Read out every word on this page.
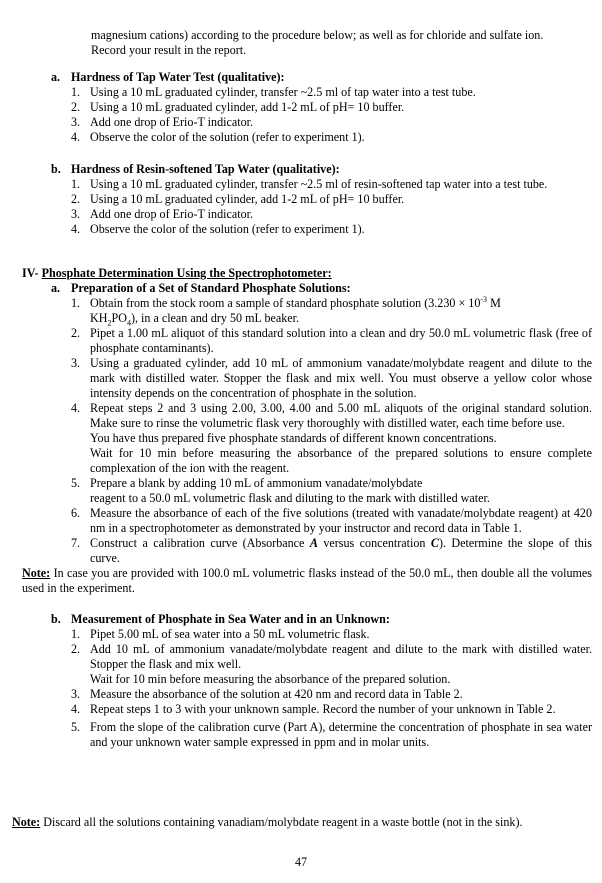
magnesium cations) according to the procedure below; as well as for chloride and sulfate ion.
Record your result in the report.
a. Hardness of Tap Water Test (qualitative):
1. Using a 10 mL graduated cylinder, transfer ~2.5 ml of tap water into a test tube.
2. Using a 10 mL graduated cylinder, add 1-2 mL of pH= 10 buffer.
3. Add one drop of Erio-T indicator.
4. Observe the color of the solution (refer to experiment 1).
b. Hardness of Resin-softened Tap Water (qualitative):
1. Using a 10 mL graduated cylinder, transfer ~2.5 ml of resin-softened tap water into a test tube.
2. Using a 10 mL graduated cylinder, add 1-2 mL of pH= 10 buffer.
3. Add one drop of Erio-T indicator.
4. Observe the color of the solution (refer to experiment 1).
IV- Phosphate Determination Using the Spectrophotometer:
a. Preparation of a Set of Standard Phosphate Solutions:
1. Obtain from the stock room a sample of standard phosphate solution ($3.230 \times 10^{-3}$ M
$KH_2PO_4$), in a clean and dry 50 mL beaker.
2. Pipet a 1.00 mL aliquot of this standard solution into a clean and dry 50.0 mL volumetric flask (free of phosphate contaminants).
3. Using a graduated cylinder, add 10 mL of ammonium vanadate/molybdate reagent and dilute to the mark with distilled water. Stopper the flask and mix well. You must observe a yellow color whose intensity depends on the concentration of phosphate in the solution.
4. Repeat steps 2 and 3 using 2.00, 3.00, 4.00 and 5.00 mL aliquots of the original standard solution. Make sure to rinse the volumetric flask very thoroughly with distilled water, each time before use.
You have thus prepared five phosphate standards of different known concentrations.
Wait for 10 min before measuring the absorbance of the prepared solutions to ensure complete complexation of the ion with the reagent.
5. Prepare a blank by adding 10 mL of ammonium vanadate/molybdate
reagent to a 50.0 mL volumetric flask and diluting to the mark with distilled water.
6. Measure the absorbance of each of the five solutions (treated with vanadate/molybdate reagent) at 420 nm in a spectrophotometer as demonstrated by your instructor and record data in Table 1.
7. Construct a calibration curve (Absorbance A versus concentration C). Determine the slope of this curve.
Note: In case you are provided with 100.0 mL volumetric flasks instead of the 50.0 mL, then double all the volumes used in the experiment.
b. Measurement of Phosphate in Sea Water and in an Unknown:
1. Pipet 5.00 mL of sea water into a 50 mL volumetric flask.
2. Add 10 mL of ammonium vanadate/molybdate reagent and dilute to the mark with distilled water. Stopper the flask and mix well.
Wait for 10 min before measuring the absorbance of the prepared solution.
3. Measure the absorbance of the solution at 420 nm and record data in Table 2.
4. Repeat steps 1 to 3 with your unknown sample. Record the number of your unknown in Table 2.
5. From the slope of the calibration curve (Part A), determine the concentration of phosphate in sea water and your unknown water sample expressed in ppm and in molar units.
Note: Discard all the solutions containing vanadiam/molybdate reagent in a waste bottle (not in the sink).
47
